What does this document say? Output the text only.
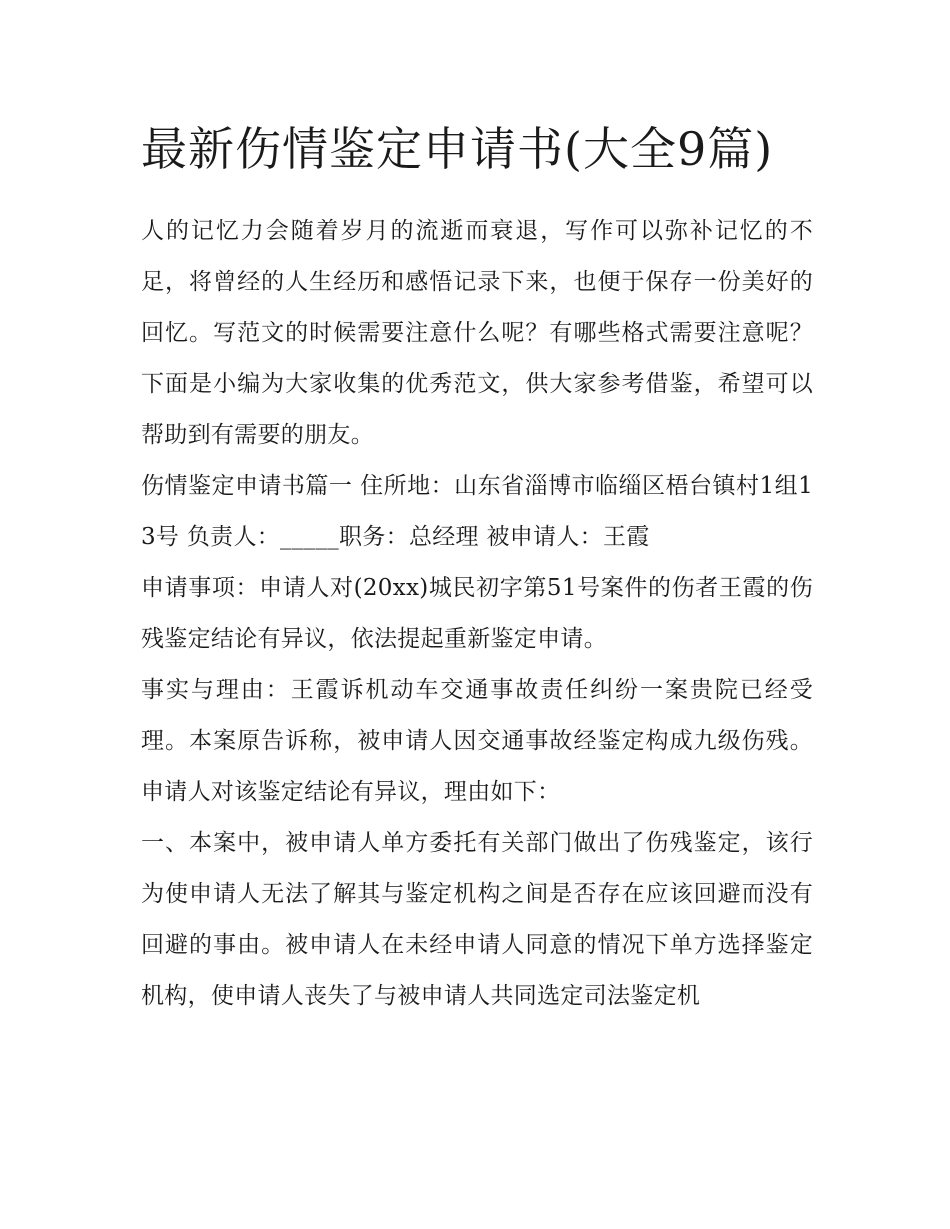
最新伤情鉴定申请书(大全9篇)

人的记忆力会随着岁月的流逝而衰退，写作可以弥补记忆的不足，将曾经的人生经历和感悟记录下来，也便于保存一份美好的回忆。写范文的时候需要注意什么呢？有哪些格式需要注意呢？下面是小编为大家收集的优秀范文，供大家参考借鉴，希望可以帮助到有需要的朋友。

伤情鉴定申请书篇一 住所地：山东省淄博市临缁区梧台镇村1组13号 负责人：_____职务：总经理 被申请人：王霞

申请事项：申请人对(20xx)城民初字第51号案件的伤者王霞的伤残鉴定结论有异议，依法提起重新鉴定申请。

事实与理由：王霞诉机动车交通事故责任纠纷一案贵院已经受理。本案原告诉称，被申请人因交通事故经鉴定构成九级伤残。申请人对该鉴定结论有异议，理由如下：

一、本案中，被申请人单方委托有关部门做出了伤残鉴定，该行为使申请人无法了解其与鉴定机构之间是否存在应该回避而没有回避的事由。被申请人在未经申请人同意的情况下单方选择鉴定机构，使申请人丧失了与被申请人共同选定司法鉴定机
